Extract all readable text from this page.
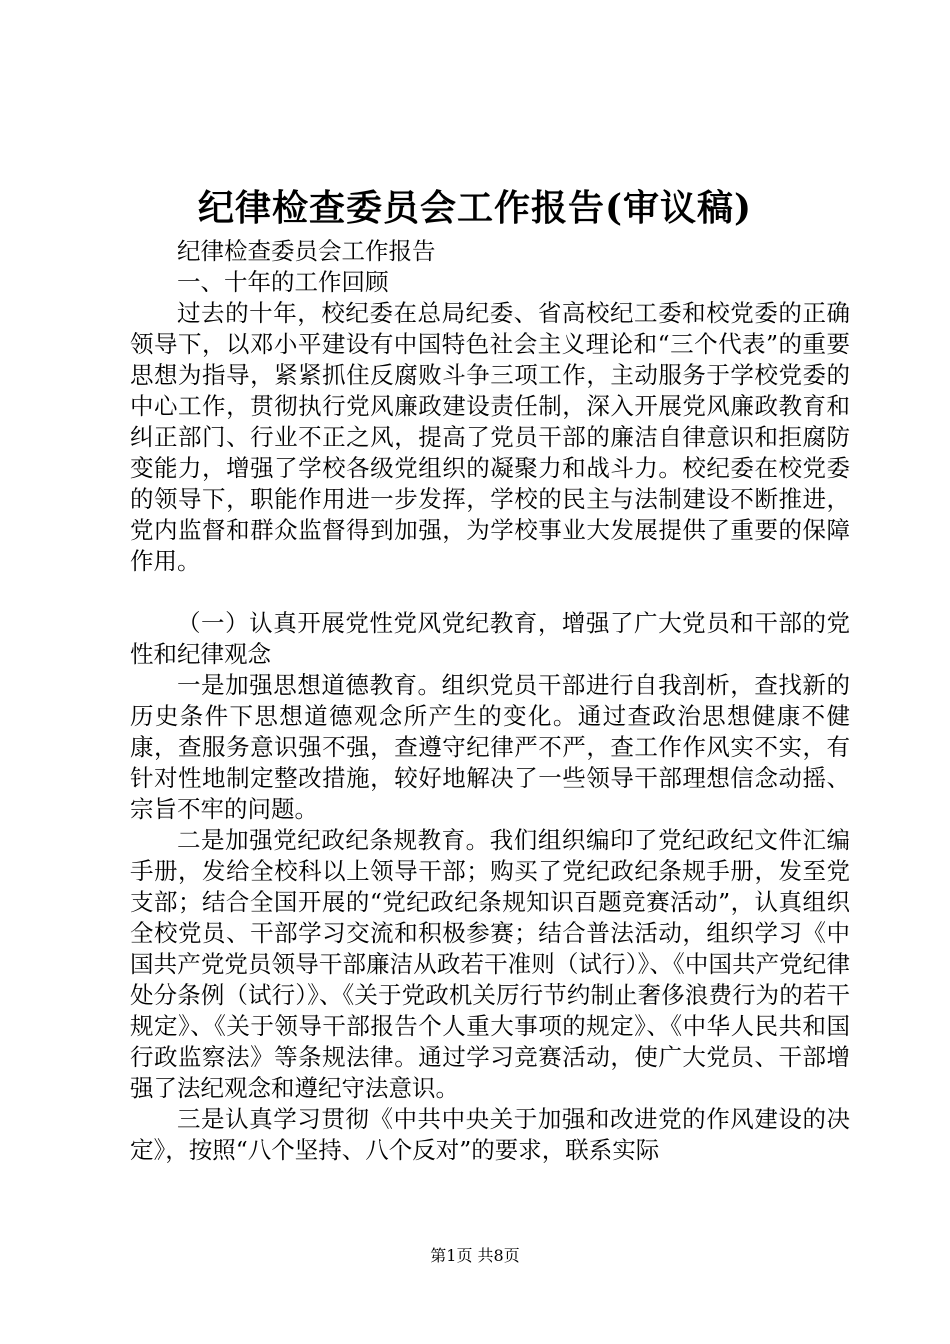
纪律检查委员会工作报告(审议稿)

纪律检查委员会工作报告

一、十年的工作回顾

过去的十年，校纪委在总局纪委、省高校纪工委和校党委的正确领导下，以邓小平建设有中国特色社会主义理论和“三个代表”的重要思想为指导，紧紧抓住反腐败斗争三项工作，主动服务于学校党委的中心工作，贯彻执行党风廉政建设责任制，深入开展党风廉政教育和纠正部门、行业不正之风，提高了党员干部的廉洁自律意识和拒腐防变能力，增强了学校各级党组织的凝聚力和战斗力。校纪委在校党委的领导下，职能作用进一步发挥，学校的民主与法制建设不断推进，党内监督和群众监督得到加强，为学校事业大发展提供了重要的保障作用。

（一）认真开展党性党风党纪教育，增强了广大党员和干部的党性和纪律观念

一是加强思想道德教育。组织党员干部进行自我剖析，查找新的历史条件下思想道德观念所产生的变化。通过查政治思想健康不健康，查服务意识强不强，查遵守纪律严不严，查工作作风实不实，有针对性地制定整改措施，较好地解决了一些领导干部理想信念动摇、宗旨不牢的问题。

二是加强党纪政纪条规教育。我们组织编印了党纪政纪文件汇编手册，发给全校科以上领导干部；购买了党纪政纪条规手册，发至党支部；结合全国开展的“党纪政纪条规知识百题竞赛活动”，认真组织全校党员、干部学习交流和积极参赛；结合普法活动，组织学习《中国共产党党员领导干部廉洁从政若干准则（试行）》、《中国共产党纪律处分条例（试行）》、《关于党政机关厉行节约制止奢侈浪费行为的若干规定》、《关于领导干部报告个人重大事项的规定》、《中华人民共和国行政监察法》等条规法律。通过学习竞赛活动，使广大党员、干部增强了法纪观念和遵纪守法意识。

三是认真学习贯彻《中共中央关于加强和改进党的作风建设的决定》，按照“八个坚持、八个反对”的要求，联系实际

第1页 共8页
